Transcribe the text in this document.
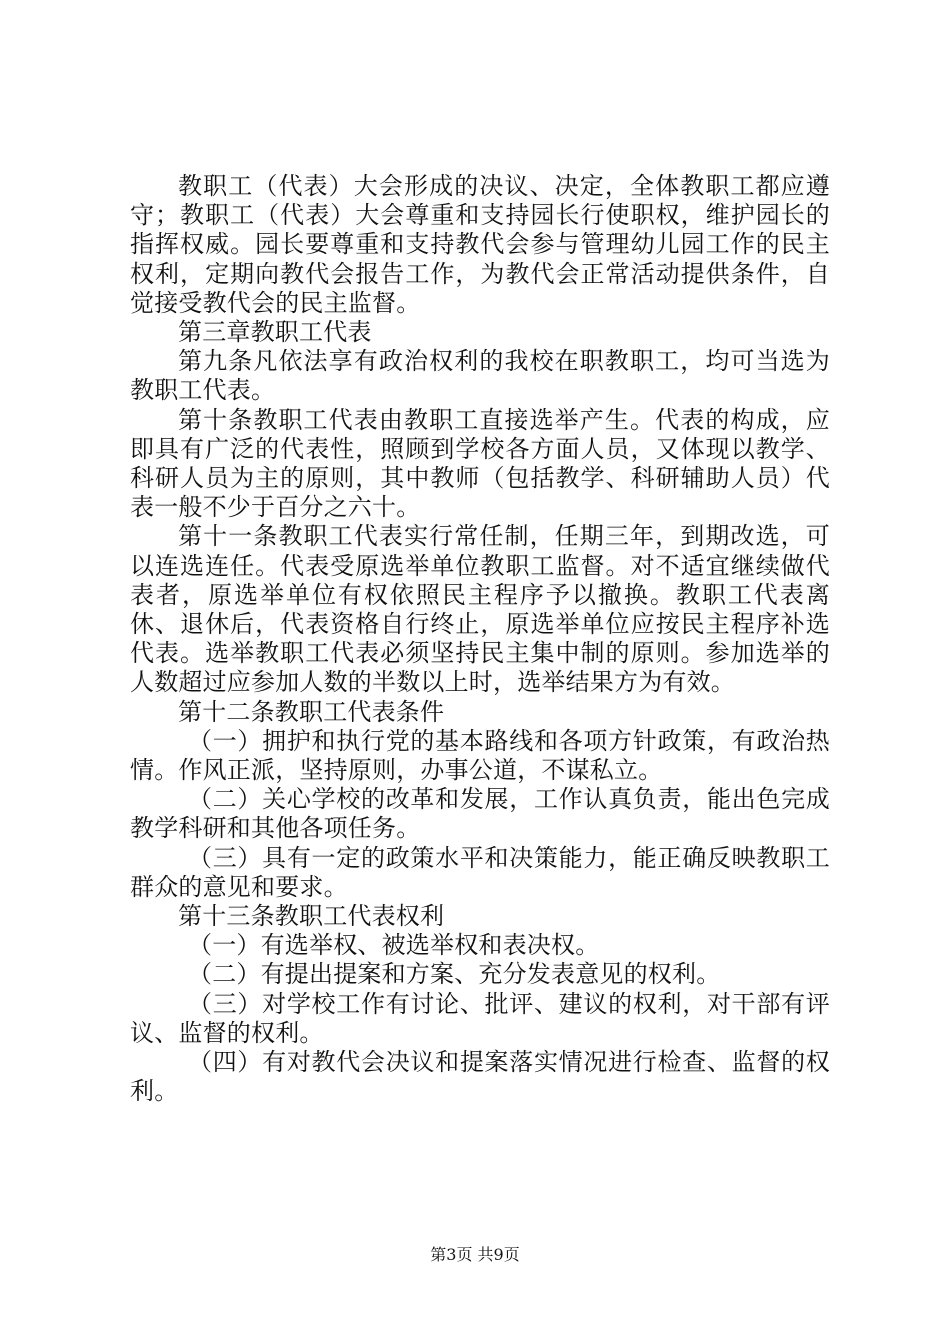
教职工（代表）大会形成的决议、决定，全体教职工都应遵守；教职工（代表）大会尊重和支持园长行使职权，维护园长的指挥权威。园长要尊重和支持教代会参与管理幼儿园工作的民主权利，定期向教代会报告工作，为教代会正常活动提供条件，自觉接受教代会的民主监督。

第三章教职工代表

第九条凡依法享有政治权利的我校在职教职工，均可当选为教职工代表。

第十条教职工代表由教职工直接选举产生。代表的构成，应即具有广泛的代表性，照顾到学校各方面人员，又体现以教学、科研人员为主的原则，其中教师（包括教学、科研辅助人员）代表一般不少于百分之六十。

第十一条教职工代表实行常任制，任期三年，到期改选，可以连选连任。代表受原选举单位教职工监督。对不适宜继续做代表者，原选举单位有权依照民主程序予以撤换。教职工代表离休、退休后，代表资格自行终止，原选举单位应按民主程序补选代表。选举教职工代表必须坚持民主集中制的原则。参加选举的人数超过应参加人数的半数以上时，选举结果方为有效。

第十二条教职工代表条件

（一）拥护和执行党的基本路线和各项方针政策，有政治热情。作风正派，坚持原则，办事公道，不谋私立。

（二）关心学校的改革和发展，工作认真负责，能出色完成教学科研和其他各项任务。

（三）具有一定的政策水平和决策能力，能正确反映教职工群众的意见和要求。

第十三条教职工代表权利

（一）有选举权、被选举权和表决权。

（二）有提出提案和方案、充分发表意见的权利。

（三）对学校工作有讨论、批评、建议的权利，对干部有评议、监督的权利。

（四）有对教代会决议和提案落实情况进行检查、监督的权利。

第3页 共9页
